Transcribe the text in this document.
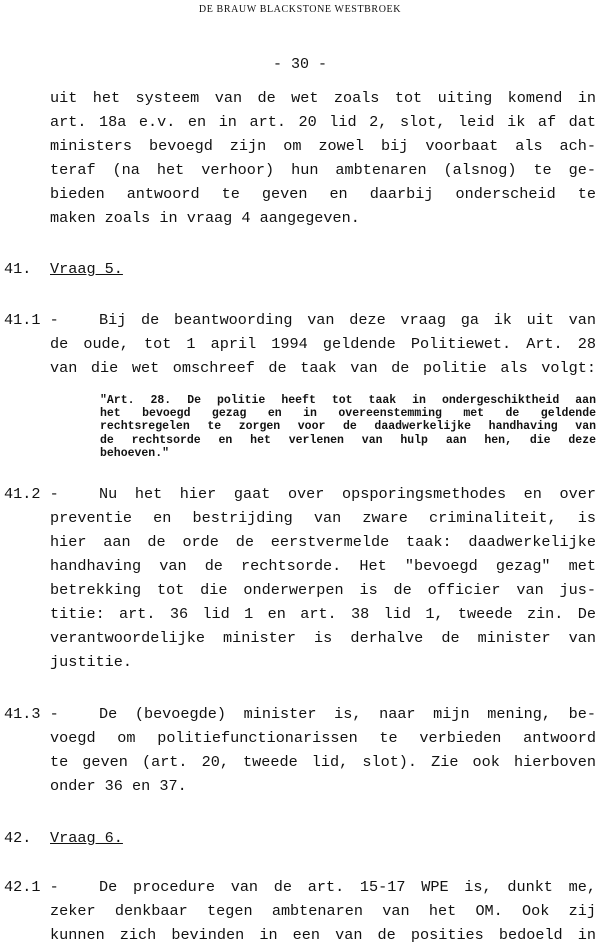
DE BRAUW BLACKSTONE WESTBROEK
- 30 -
uit het systeem van de wet zoals tot uiting komend in
art. 18a e.v. en in art. 20 lid 2, slot, leid ik af dat
ministers bevoegd zijn om zowel bij voorbaat als ach-
teraf (na het verhoor) hun ambtenaren (alsnog) te ge-
bieden antwoord te geven en daarbij onderscheid te
maken zoals in vraag 4 aangegeven.
41. Vraag 5.
41.1 -	Bij de beantwoording van deze vraag ga ik uit van
de oude, tot 1 april 1994 geldende Politiewet. Art. 28
van die wet omschreef de taak van de politie als volgt:
"Art. 28. De politie heeft tot taak in ondergeschiktheid aan
het bevoegd gezag en in overeenstemming met de geldende
rechtsregelen te zorgen voor de daadwerkelijke handhaving van
de rechtsorde en het verlenen van hulp aan hen, die deze
behoeven."
41.2 -	Nu het hier gaat over opsporingsmethodes en over
preventie en bestrijding van zware criminaliteit, is
hier aan de orde de eerstvermelde taak: daadwerkelijke
handhaving van de rechtsorde. Het "bevoegd gezag" met
betrekking tot die onderwerpen is de officier van jus-
titie: art. 36 lid 1 en art. 38 lid 1, tweede zin. De
verantwoordelijke minister is derhalve de minister van
justitie.
41.3 -	De (bevoegde) minister is, naar mijn mening, be-
voegd om politiefunctionarissen te verbieden antwoord
te geven (art. 20, tweede lid, slot). Zie ook hierboven
onder 36 en 37.
42. Vraag 6.
42.1 -	De procedure van de art. 15-17 WPE is, dunkt me,
zeker denkbaar tegen ambtenaren van het OM. Ook zij
kunnen zich bevinden in een van de posities bedoeld in
